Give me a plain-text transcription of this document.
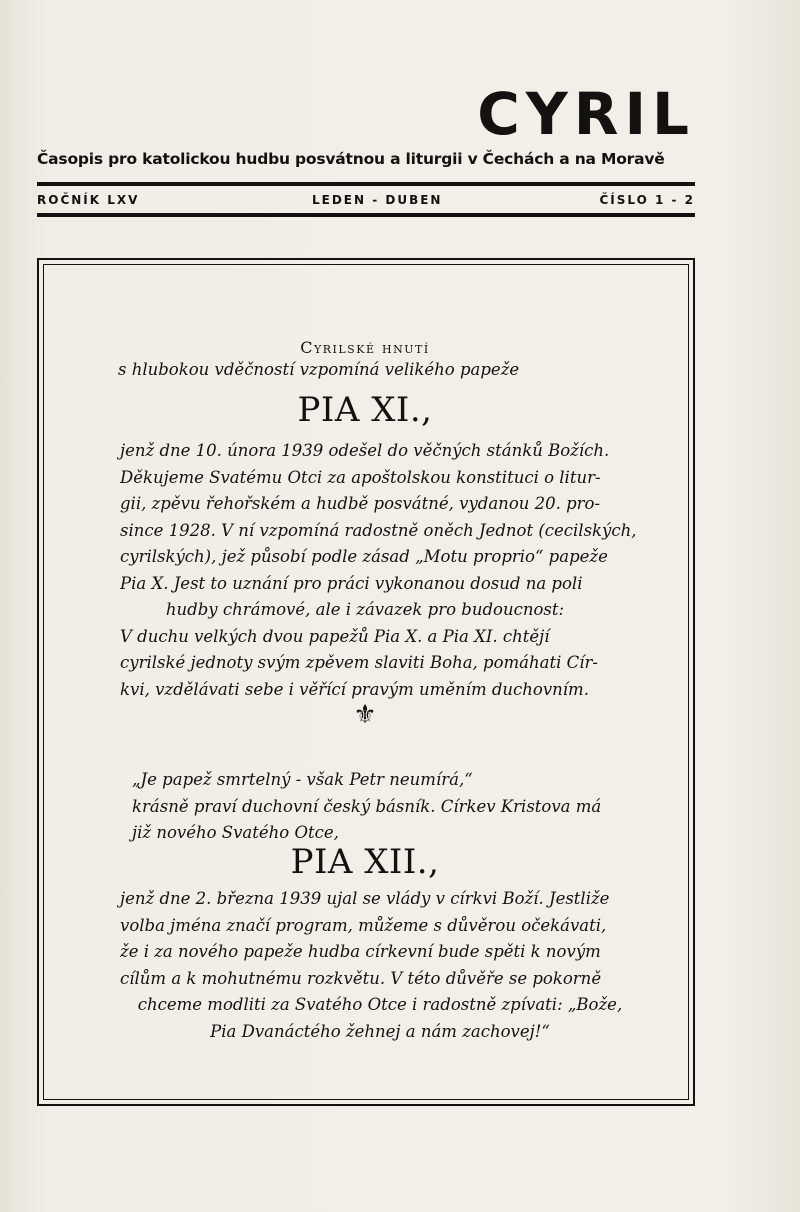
CYRIL
Časopis pro katolickou hudbu posvátnou a liturgii v Čechách a na Moravě
ROČNÍK LXV	LEDEN - DUBEN	ČÍSLO 1 - 2
Cyrilské hnutí
s hlubokou vděčností vzpomíná velikého papeže
PIA XI.,

jenž dne 10. února 1939 odešel do věčných stánků Božích.

Děkujeme Svatému Otci za apoštolskou konstituci o litur-

gii, zpěvu řehořském a hudbě posvátné, vydanou 20. pro-

since 1928. V ní vzpomíná radostně oněch Jednot (cecilských,

cyrilských), jež působí podle zásad „Motu proprio“ papeže

Pia X. Jest to uznání pro práci vykonanou dosud na poli

hudby chrámové, ale i závazek pro budoucnost:

V duchu velkých dvou papežů Pia X. a Pia XI. chtějí

cyrilské jednoty svým zpěvem slaviti Boha, pomáhati Cír-

kvi, vzdělávati sebe i věřící pravým uměním duchovním.

⚜

„Je papež smrtelný - však Petr neumírá,“

krásně praví duchovní český básník. Církev Kristova má

již nového Svatého Otce,

PIA XII.,

jenž dne 2. března 1939 ujal se vlády v církvi Boží. Jestliže

volba jména značí program, můžeme s důvěrou očekávati,

že i za nového papeže hudba církevní bude spěti k novým

cílům a k mohutnému rozkvětu. V této důvěře se pokorně

chceme modliti za Svatého Otce i radostně zpívati: „Bože,

Pia Dvanáctého žehnej a nám zachovej!“
